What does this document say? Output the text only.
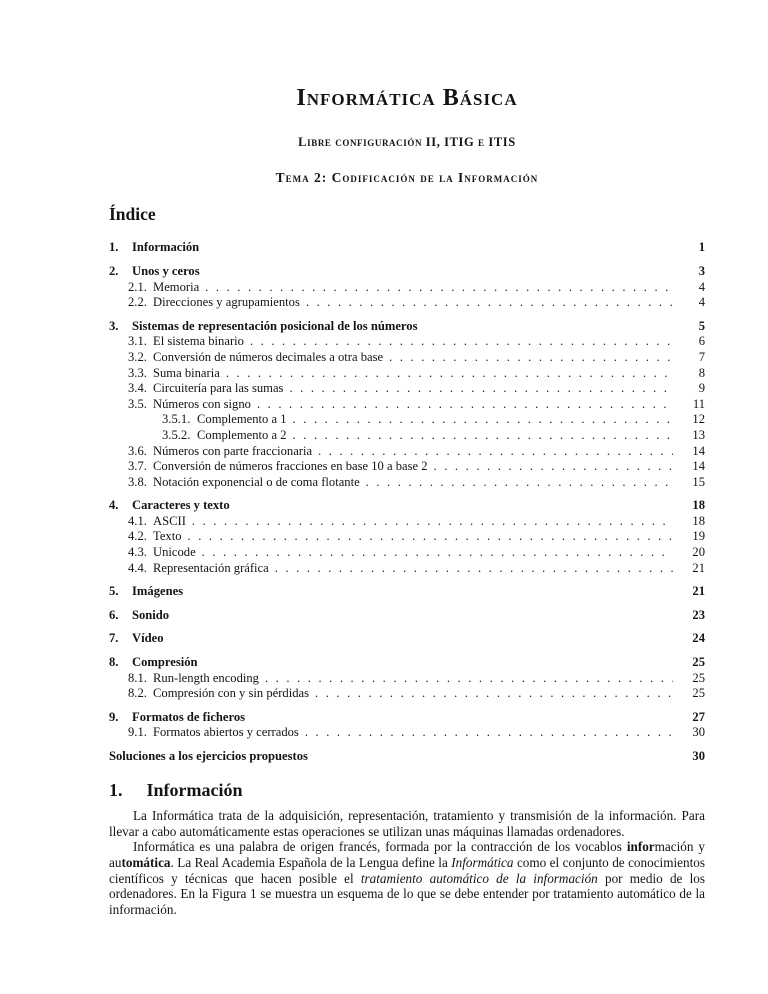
Informática Básica
Libre configuración II, ITIG e ITIS
Tema 2: Codificación de la Información
Índice
1.	Información	1
2.	Unos y ceros	3
2.1. Memoria . . .	4
2.2. Direcciones y agrupamientos . . .	4
3.	Sistemas de representación posicional de los números	5
3.1. El sistema binario . . .	6
3.2. Conversión de números decimales a otra base . . .	7
3.3. Suma binaria . . .	8
3.4. Circuitería para las sumas . . .	9
3.5. Números con signo . . .	11
3.5.1. Complemento a 1 . . .	12
3.5.2. Complemento a 2 . . .	13
3.6. Números con parte fraccionaria . . .	14
3.7. Conversión de números fracciones en base 10 a base 2 . . .	14
3.8. Notación exponencial o de coma flotante . . .	15
4.	Caracteres y texto	18
4.1. ASCII . . .	18
4.2. Texto . . .	19
4.3. Unicode . . .	20
4.4. Representación gráfica . . .	21
5.	Imágenes	21
6.	Sonido	23
7.	Vídeo	24
8.	Compresión	25
8.1. Run-length encoding . . .	25
8.2. Compresión con y sin pérdidas . . .	25
9.	Formatos de ficheros	27
9.1. Formatos abiertos y cerrados . . .	30
Soluciones a los ejercicios propuestos	30
1. Información

La Informática trata de la adquisición, representación, tratamiento y transmisión de la información. Para llevar a cabo automáticamente estas operaciones se utilizan unas máquinas llamadas ordenadores.

Informática es una palabra de origen francés, formada por la contracción de los vocablos información y automática. La Real Academia Española de la Lengua define la Informática como el conjunto de conocimientos científicos y técnicas que hacen posible el tratamiento automático de la información por medio de los ordenadores. En la Figura 1 se muestra un esquema de lo que se debe entender por tratamiento automático de la información.
